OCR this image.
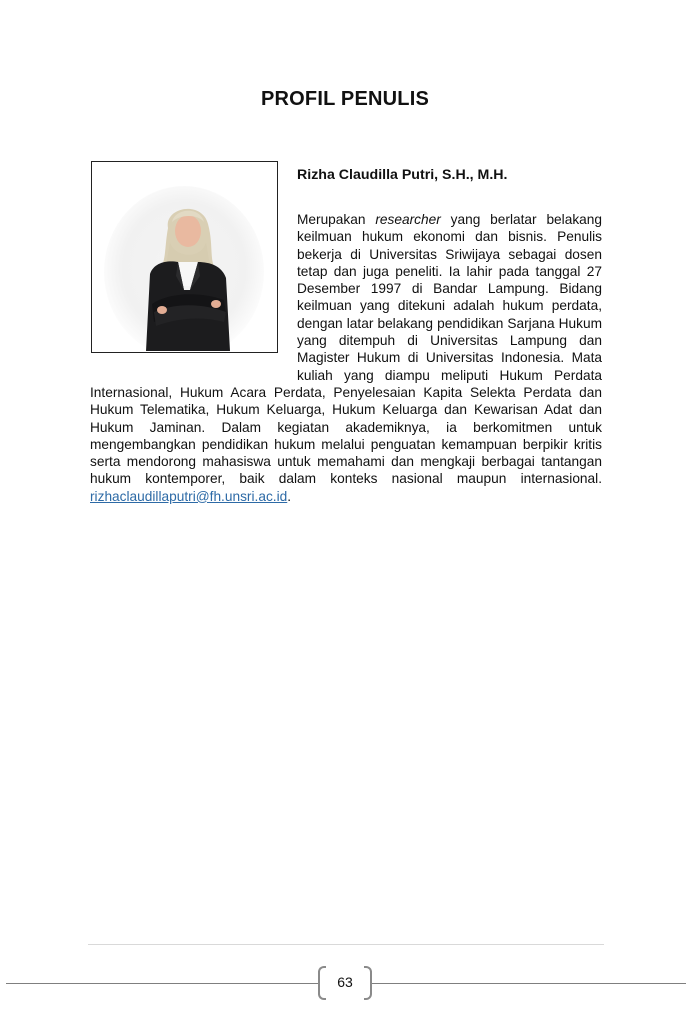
PROFIL PENULIS
Rizha Claudilla Putri, S.H., M.H.
Merupakan researcher yang berlatar belakang keilmuan hukum ekonomi dan bisnis. Penulis bekerja di Universitas Sriwijaya sebagai dosen tetap dan juga peneliti. Ia lahir pada tanggal 27 Desember 1997 di Bandar Lampung. Bidang keilmuan yang ditekuni adalah hukum perdata, dengan latar belakang pendidikan Sarjana Hukum yang ditempuh di Universitas Lampung dan Magister Hukum di Universitas Indonesia. Mata kuliah yang diampu meliputi Hukum Perdata Internasional, Hukum Acara Perdata, Penyelesaian Kapita Selekta Perdata dan Hukum Telematika, Hukum Keluarga, Hukum Keluarga dan Kewarisan Adat dan Hukum Jaminan. Dalam kegiatan akademiknya, ia berkomitmen untuk mengembangkan pendidikan hukum melalui penguatan kemampuan berpikir kritis serta mendorong mahasiswa untuk memahami dan mengkaji berbagai tantangan hukum kontemporer, baik dalam konteks nasional maupun internasional. rizhaclaudillaputri@fh.unsri.ac.id.
63
